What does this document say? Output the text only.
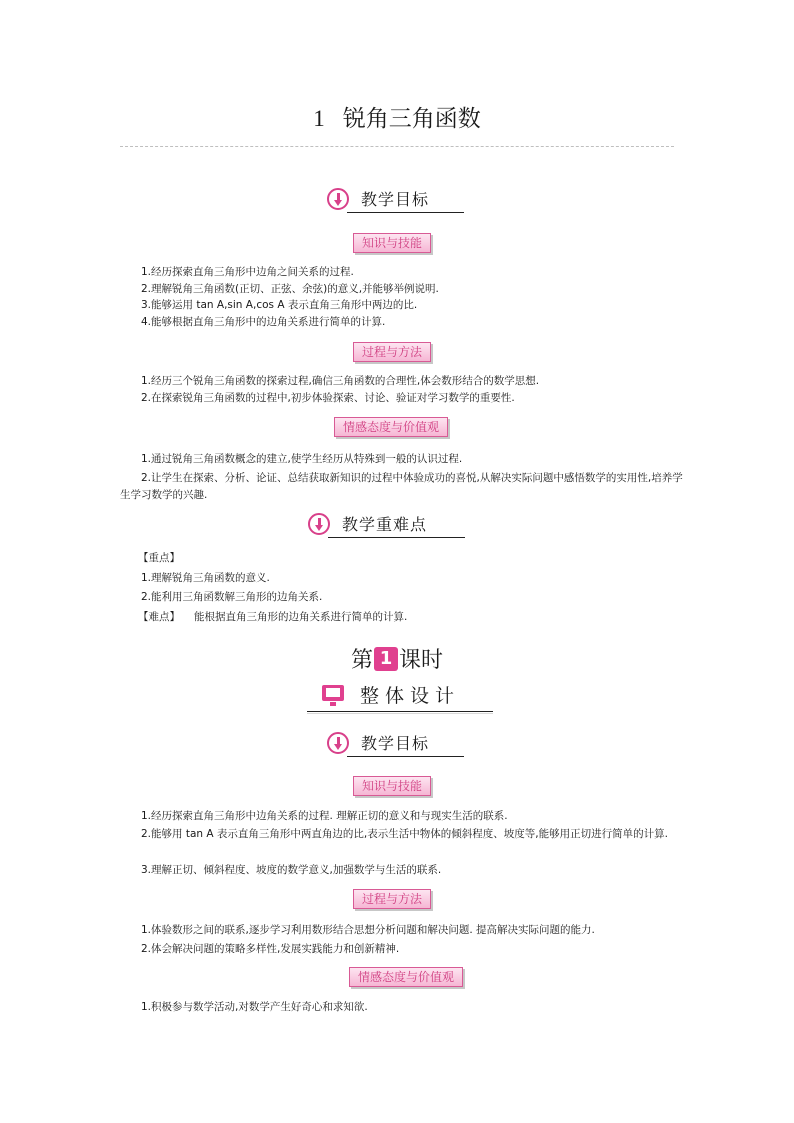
1 锐角三角函数
教学目标
知识与技能
1.经历探索直角三角形中边角之间关系的过程.
2.理解锐角三角函数(正切、正弦、余弦)的意义,并能够举例说明.
3.能够运用 tan A,sin A,cos A 表示直角三角形中两边的比.
4.能够根据直角三角形中的边角关系进行简单的计算.
过程与方法
1.经历三个锐角三角函数的探索过程,确信三角函数的合理性,体会数形结合的数学思想.
2.在探索锐角三角函数的过程中,初步体验探索、讨论、验证对学习数学的重要性.
情感态度与价值观
1.通过锐角三角函数概念的建立,使学生经历从特殊到一般的认识过程.
2.让学生在探索、分析、论证、总结获取新知识的过程中体验成功的喜悦,从解决实际问题中感悟数学的实用性,培养学生学习数学的兴趣.
教学重难点
【重点】
1.理解锐角三角函数的意义.
2.能利用三角函数解三角形的边角关系.
【难点】 能根据直角三角形的边角关系进行简单的计算.
第 1 课时
整体设计
教学目标
知识与技能
1.经历探索直角三角形中边角关系的过程. 理解正切的意义和与现实生活的联系.
2.能够用 tan A 表示直角三角形中两直角边的比,表示生活中物体的倾斜程度、坡度等,能够用正切进行简单的计算.
3.理解正切、倾斜程度、坡度的数学意义,加强数学与生活的联系.
过程与方法
1.体验数形之间的联系,逐步学习利用数形结合思想分析问题和解决问题. 提高解决实际问题的能力.
2.体会解决问题的策略多样性,发展实践能力和创新精神.
情感态度与价值观
1.积极参与数学活动,对数学产生好奇心和求知欲.
